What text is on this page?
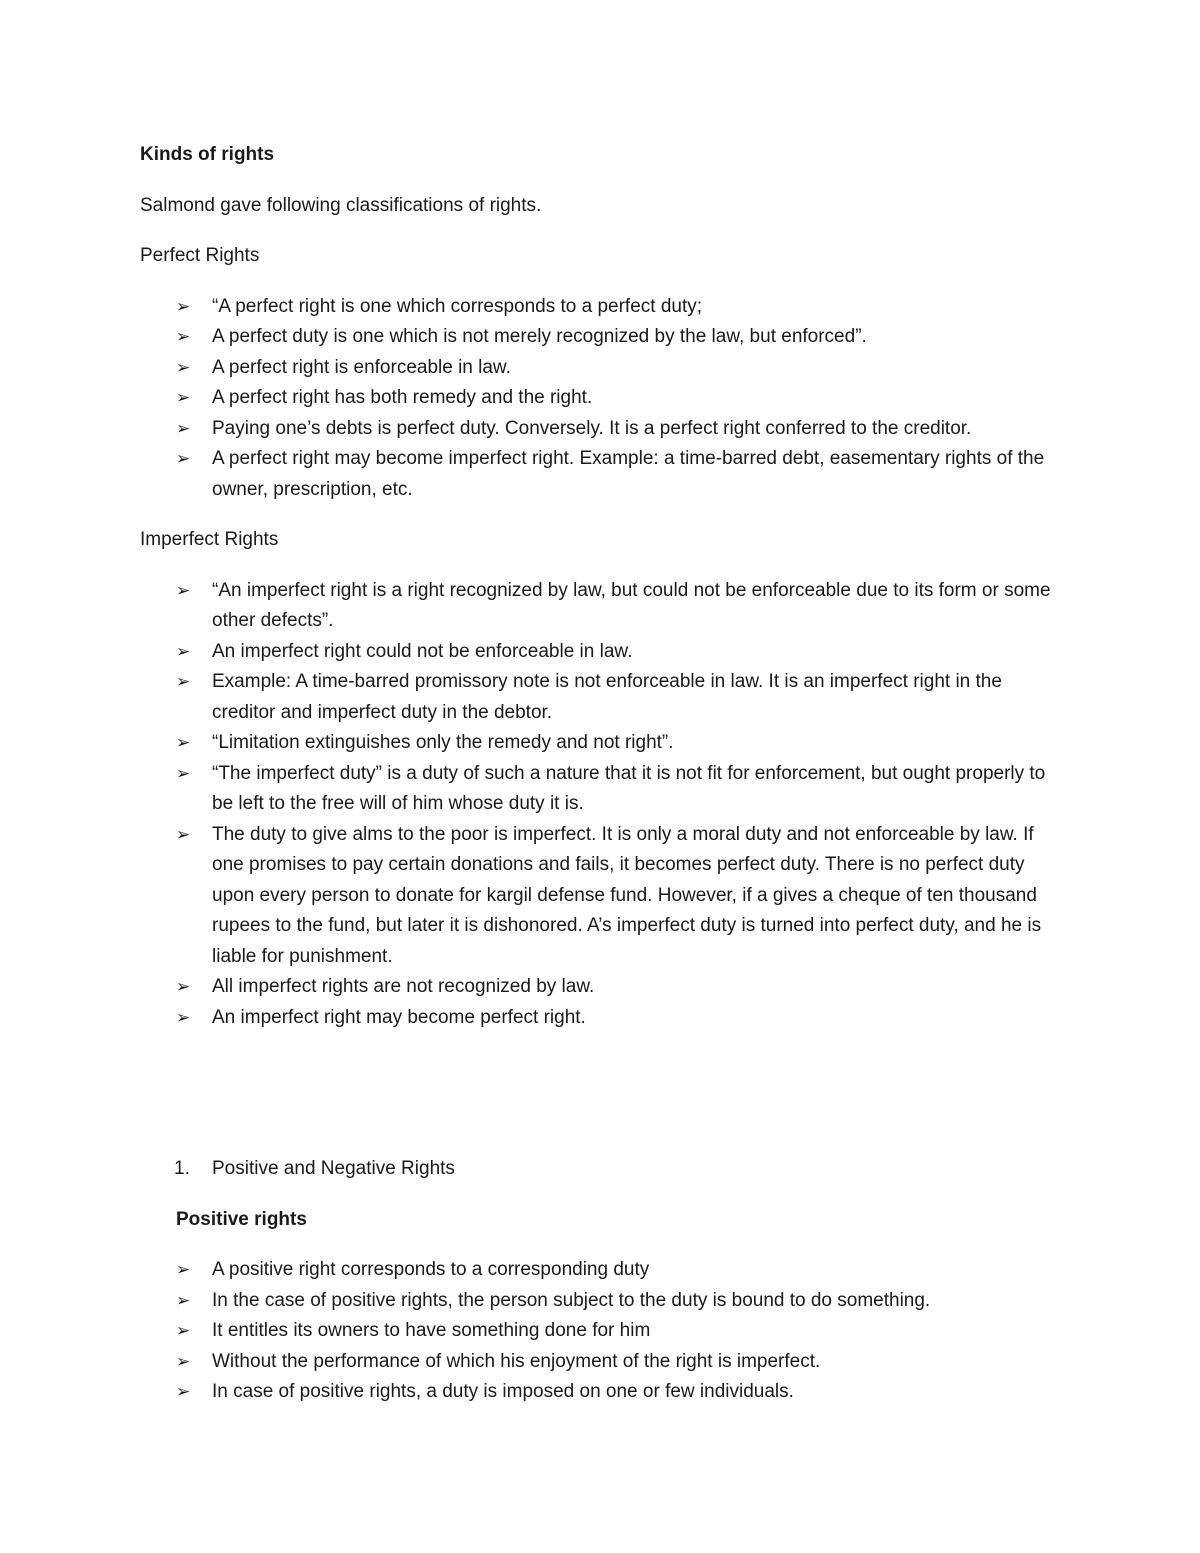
Kinds of rights

Salmond gave following classifications of rights.

Perfect Rights

➢ “A perfect right is one which corresponds to a perfect duty;
➢ A perfect duty is one which is not merely recognized by the law, but enforced”.
➢ A perfect right is enforceable in law.
➢ A perfect right has both remedy and the right.
➢ Paying one’s debts is perfect duty. Conversely. It is a perfect right conferred to the creditor.
➢ A perfect right may become imperfect right. Example: a time-barred debt, easementary rights of the owner, prescription, etc.

Imperfect Rights

➢ “An imperfect right is a right recognized by law, but could not be enforceable due to its form or some other defects”.
➢ An imperfect right could not be enforceable in law.
➢ Example: A time-barred promissory note is not enforceable in law. It is an imperfect right in the creditor and imperfect duty in the debtor.
➢ “Limitation extinguishes only the remedy and not right”.
➢ “The imperfect duty” is a duty of such a nature that it is not fit for enforcement, but ought properly to be left to the free will of him whose duty it is.
➢ The duty to give alms to the poor is imperfect. It is only a moral duty and not enforceable by law. If one promises to pay certain donations and fails, it becomes perfect duty. There is no perfect duty upon every person to donate for kargil defense fund. However, if a gives a cheque of ten thousand rupees to the fund, but later it is dishonored. A’s imperfect duty is turned into perfect duty, and he is liable for punishment.
➢ All imperfect rights are not recognized by law.
➢ An imperfect right may become perfect right.

1. Positive and Negative Rights

Positive rights

➢ A positive right corresponds to a corresponding duty
➢ In the case of positive rights, the person subject to the duty is bound to do something.
➢ It entitles its owners to have something done for him
➢ Without the performance of which his enjoyment of the right is imperfect.
➢ In case of positive rights, a duty is imposed on one or few individuals.
